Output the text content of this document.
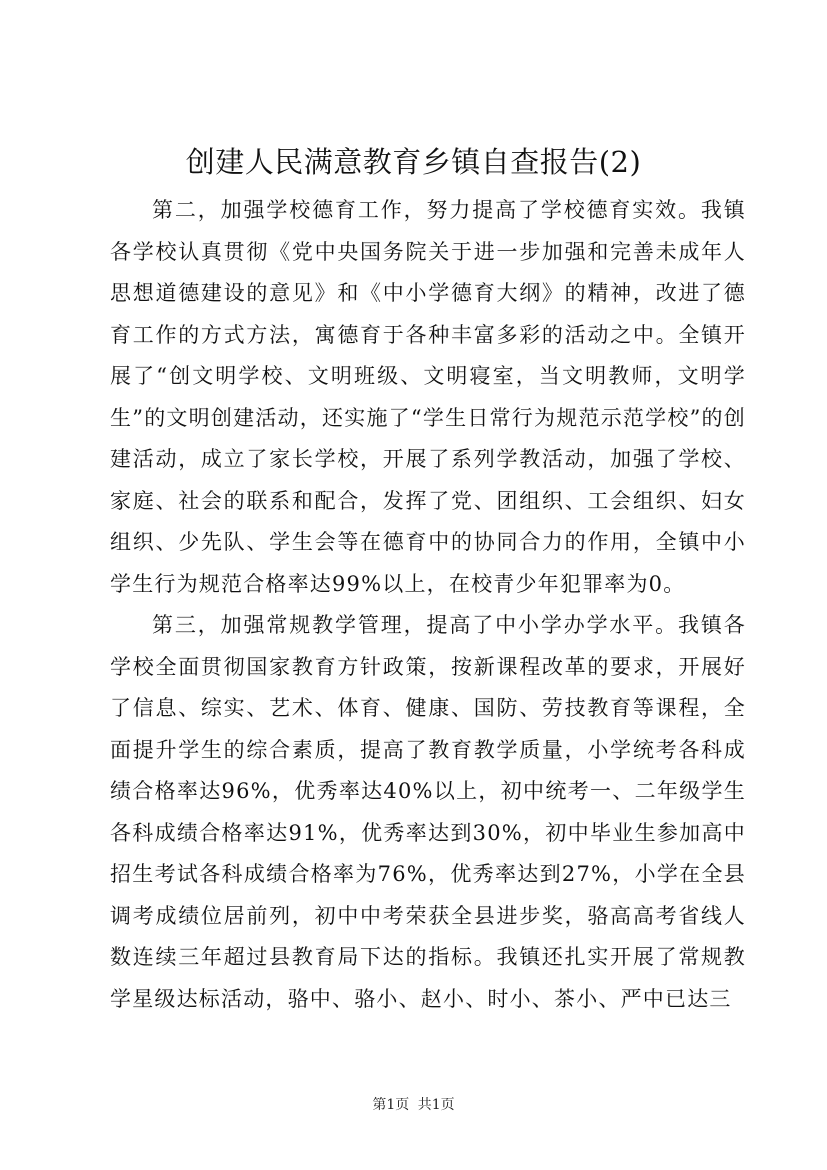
创建人民满意教育乡镇自查报告(2)

第二，加强学校德育工作，努力提高了学校德育实效。我镇各学校认真贯彻《党中央国务院关于进一步加强和完善未成年人思想道德建设的意见》和《中小学德育大纲》的精神，改进了德育工作的方式方法，寓德育于各种丰富多彩的活动之中。全镇开展了“创文明学校、文明班级、文明寝室，当文明教师，文明学生”的文明创建活动，还实施了“学生日常行为规范示范学校”的创建活动，成立了家长学校，开展了系列学教活动，加强了学校、家庭、社会的联系和配合，发挥了党、团组织、工会组织、妇女组织、少先队、学生会等在德育中的协同合力的作用，全镇中小学生行为规范合格率达99%以上，在校青少年犯罪率为0。

第三，加强常规教学管理，提高了中小学办学水平。我镇各学校全面贯彻国家教育方针政策，按新课程改革的要求，开展好了信息、综实、艺术、体育、健康、国防、劳技教育等课程，全面提升学生的综合素质，提高了教育教学质量，小学统考各科成绩合格率达96%，优秀率达40%以上，初中统考一、二年级学生各科成绩合格率达91%，优秀率达到30%，初中毕业生参加高中招生考试各科成绩合格率为76%，优秀率达到27%，小学在全县调考成绩位居前列，初中中考荣获全县进步奖，骆高高考省线人数连续三年超过县教育局下达的指标。我镇还扎实开展了常规教学星级达标活动，骆中、骆小、赵小、时小、茶小、严中已达三

第1页 共1页
